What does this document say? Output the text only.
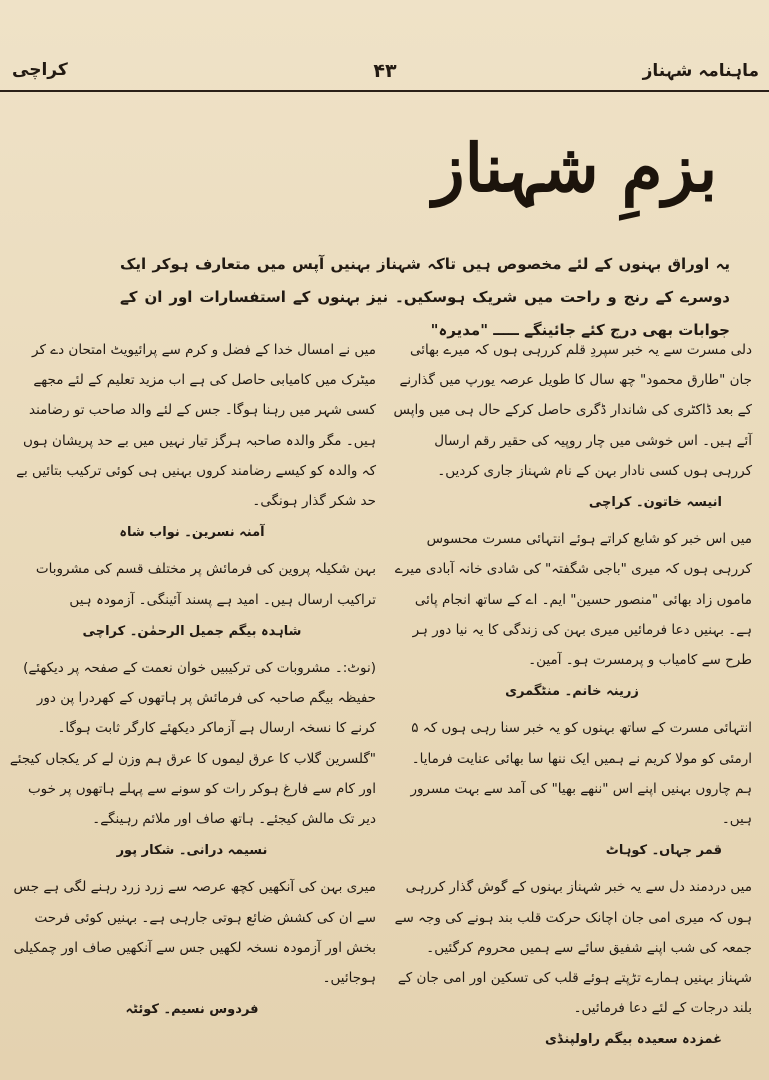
کراچی	۴۳	ماہنامہ شہناز
بزمِ شہناز
یہ اوراق بہنوں کے لئے مخصوص ہیں تاکہ شہناز بہنیں آپس میں متعارف ہوکر ایک دوسرے کے رنج و راحت میں شریک ہوسکیں۔ نیز بہنوں کے استفسارات اور ان کے جوابات بھی درج کئے جائینگے ـــــ "مدیرہ"

دلی مسرت سے یہ خبر سپردِ قلم کررہی ہوں کہ میرے بھائی جان "طارق محمود" چھ سال کا طویل عرصہ یورپ میں گذارنے کے بعد ڈاکٹری کی شاندار ڈگری حاصل کرکے حال ہی میں واپس آئے ہیں۔ اس خوشی میں چار روپیہ کی حقیر رقم ارسال کررہی ہوں کسی نادار بہن کے نام شہناز جاری کردیں۔

انیسہ خاتون۔ کراچی

میں اس خبر کو شایع کراتے ہوئے انتہائی مسرت محسوس کررہی ہوں کہ میری "باجی شگفتہ" کی شادی خانہ آبادی میرے ماموں زاد بھائی "منصور حسین" ایم۔ اے کے ساتھ انجام پائی ہے۔ بہنیں دعا فرمائیں میری بہن کی زندگی کا یہ نیا دور ہر طرح سے کامیاب و پرمسرت ہو۔ آمین۔

زرینہ خانم۔ منٹگمری

انتہائی مسرت کے ساتھ بہنوں کو یہ خبر سنا رہی ہوں کہ ۵ ارمئی کو مولا کریم نے ہمیں ایک ننھا سا بھائی عنایت فرمایا۔ ہم چاروں بہنیں اپنے اس "ننھے بھیا" کی آمد سے بہت مسرور ہیں۔

قمر جہاں۔ کوہاٹ

میں دردمند دل سے یہ خبر شہناز بہنوں کے گوش گذار کررہی ہوں کہ میری امی جان اچانک حرکت قلب بند ہونے کی وجہ سے جمعہ کی شب اپنے شفیق سائے سے ہمیں محروم کرگئیں۔ شہناز بہنیں ہمارے تڑپتے ہوئے قلب کی تسکین اور امی جان کے بلند درجات کے لئے دعا فرمائیں۔

غمزدہ سعیدہ بیگم راولپنڈی

میں نے امسال خدا کے فضل و کرم سے پرائیویٹ امتحان دے کر میٹرک میں کامیابی حاصل کی ہے اب مزید تعلیم کے لئے مجھے کسی شہر میں رہنا ہوگا۔ جس کے لئے والد صاحب تو رضامند ہیں۔ مگر والدہ صاحبہ ہرگز تیار نہیں میں بے حد پریشان ہوں کہ والدہ کو کیسے رضامند کروں بہنیں ہی کوئی ترکیب بتائیں بے حد شکر گذار ہونگی۔

آمنہ نسرین۔ نواب شاہ

بہن شکیلہ پروین کی فرمائش پر مختلف قسم کی مشروبات تراکیب ارسال ہیں۔ امید ہے پسند آئینگی۔ آزمودہ ہیں

شاہدہ بیگم جمیل الرحمٰن۔ کراچی

(نوٹ:۔ مشروبات کی ترکیبیں خوان نعمت کے صفحہ پر دیکھئے)

حفیظہ بیگم صاحبہ کی فرمائش پر ہاتھوں کے کھردرا پن دور کرنے کا نسخہ ارسال ہے آزماکر دیکھئے کارگر ثابت ہوگا۔ "گلسرین گلاب کا عرق لیموں کا عرق ہم وزن لے کر یکجاں کیجئے اور کام سے فارغ ہوکر رات کو سونے سے پہلے ہاتھوں پر خوب دیر تک مالش کیجئے۔ ہاتھ صاف اور ملائم رہینگے۔

نسیمہ درانی۔ شکار پور

میری بہن کی آنکھیں کچھ عرصہ سے زرد زرد رہنے لگی ہے جس سے ان کی کشش ضائع ہوتی جارہی ہے۔ بہنیں کوئی فرحت بخش اور آزمودہ نسخہ لکھیں جس سے آنکھیں صاف اور چمکیلی ہوجائیں۔

فردوس نسیم۔ کوئٹہ
